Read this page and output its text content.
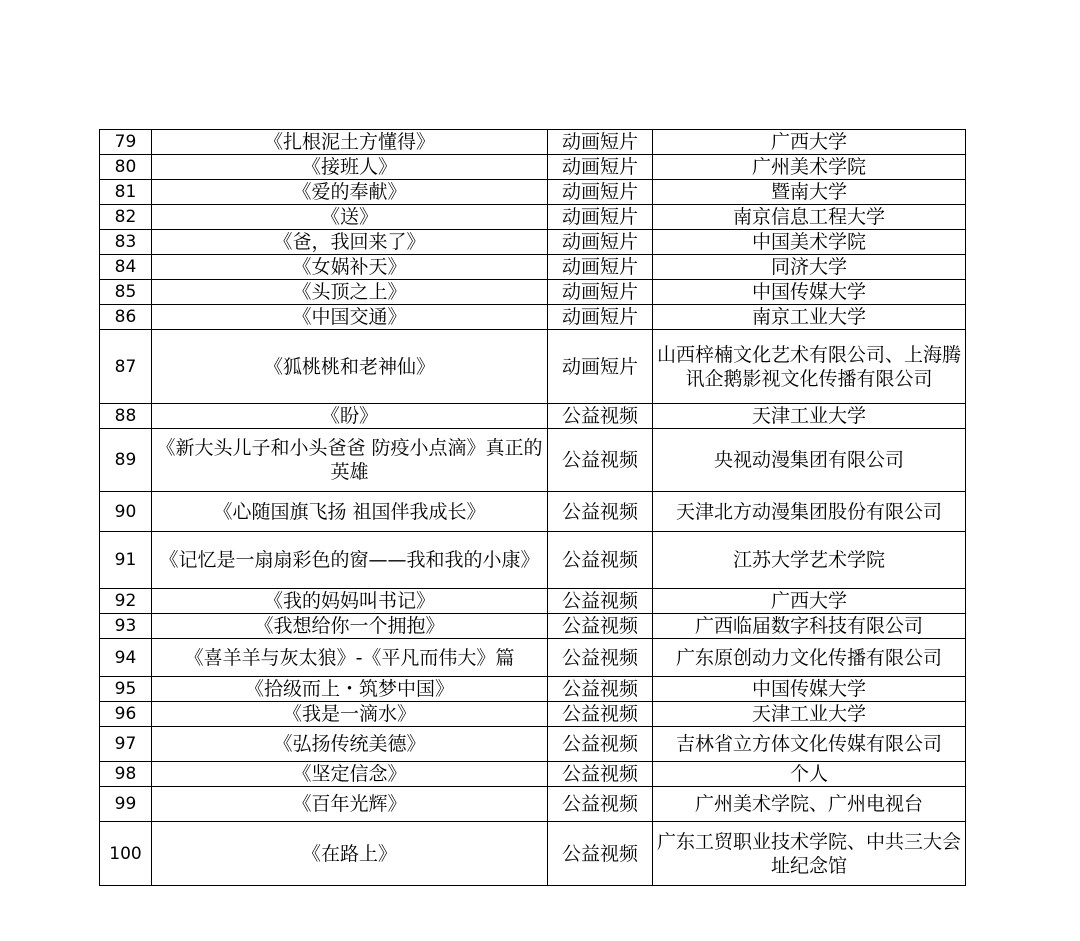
79	《扎根泥土方懂得》	动画短片	广西大学
80	《接班人》	动画短片	广州美术学院
81	《爱的奉献》	动画短片	暨南大学
82	《送》	动画短片	南京信息工程大学
83	《爸，我回来了》	动画短片	中国美术学院
84	《女娲补天》	动画短片	同济大学
85	《头顶之上》	动画短片	中国传媒大学
86	《中国交通》	动画短片	南京工业大学
87	《狐桃桃和老神仙》	动画短片	山西梓楠文化艺术有限公司、上海腾讯企鹅影视文化传播有限公司
88	《盼》	公益视频	天津工业大学
89	《新大头儿子和小头爸爸 防疫小点滴》真正的英雄	公益视频	央视动漫集团有限公司
90	《心随国旗飞扬 祖国伴我成长》	公益视频	天津北方动漫集团股份有限公司
91	《记忆是一扇扇彩色的窗——我和我的小康》	公益视频	江苏大学艺术学院
92	《我的妈妈叫书记》	公益视频	广西大学
93	《我想给你一个拥抱》	公益视频	广西临届数字科技有限公司
94	《喜羊羊与灰太狼》-《平凡而伟大》篇	公益视频	广东原创动力文化传播有限公司
95	《拾级而上・筑梦中国》	公益视频	中国传媒大学
96	《我是一滴水》	公益视频	天津工业大学
97	《弘扬传统美德》	公益视频	吉林省立方体文化传媒有限公司
98	《坚定信念》	公益视频	个人
99	《百年光辉》	公益视频	广州美术学院、广州电视台
100	《在路上》	公益视频	广东工贸职业技术学院、中共三大会址纪念馆
